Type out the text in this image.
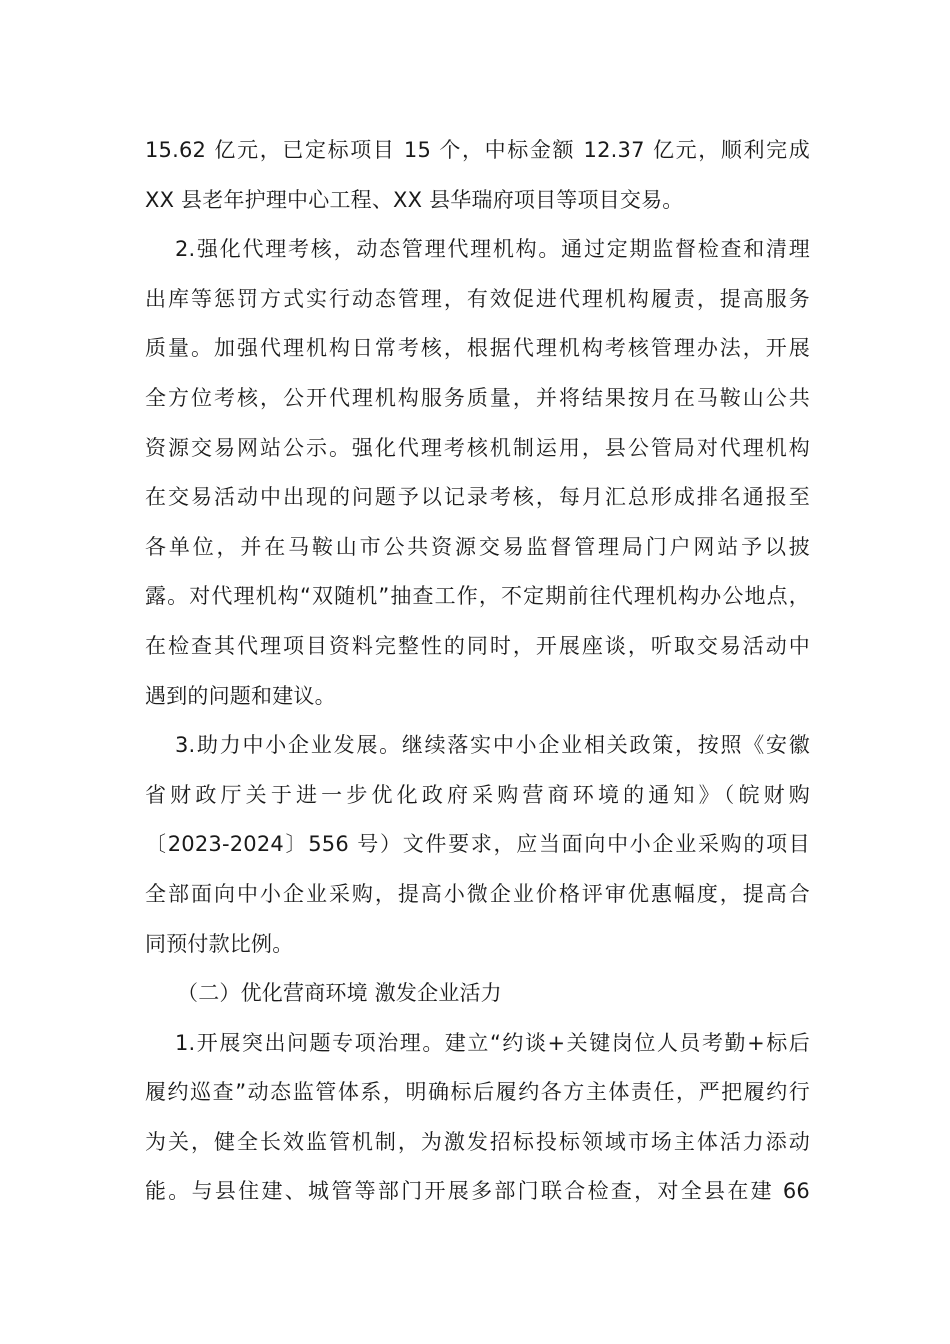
15.62 亿元，已定标项目 15 个，中标金额 12.37 亿元，顺利完成
XX 县老年护理中心工程、XX 县华瑞府项目等项目交易。
2.强化代理考核，动态管理代理机构。通过定期监督检查和清理
出库等惩罚方式实行动态管理，有效促进代理机构履责，提高服务
质量。加强代理机构日常考核，根据代理机构考核管理办法，开展
全方位考核，公开代理机构服务质量，并将结果按月在马鞍山公共
资源交易网站公示。强化代理考核机制运用，县公管局对代理机构
在交易活动中出现的问题予以记录考核，每月汇总形成排名通报至
各单位，并在马鞍山市公共资源交易监督管理局门户网站予以披
露。对代理机构“双随机”抽查工作，不定期前往代理机构办公地点，
在检查其代理项目资料完整性的同时，开展座谈，听取交易活动中
遇到的问题和建议。
3.助力中小企业发展。继续落实中小企业相关政策，按照《安徽
省财政厅关于进一步优化政府采购营商环境的通知》（皖财购
〔2023-2024〕556 号）文件要求，应当面向中小企业采购的项目
全部面向中小企业采购，提高小微企业价格评审优惠幅度，提高合
同预付款比例。
（二）优化营商环境 激发企业活力
1.开展突出问题专项治理。建立“约谈+关键岗位人员考勤+标后
履约巡查”动态监管体系，明确标后履约各方主体责任，严把履约行
为关，健全长效监管机制，为激发招标投标领域市场主体活力添动
能。与县住建、城管等部门开展多部门联合检查，对全县在建 66
